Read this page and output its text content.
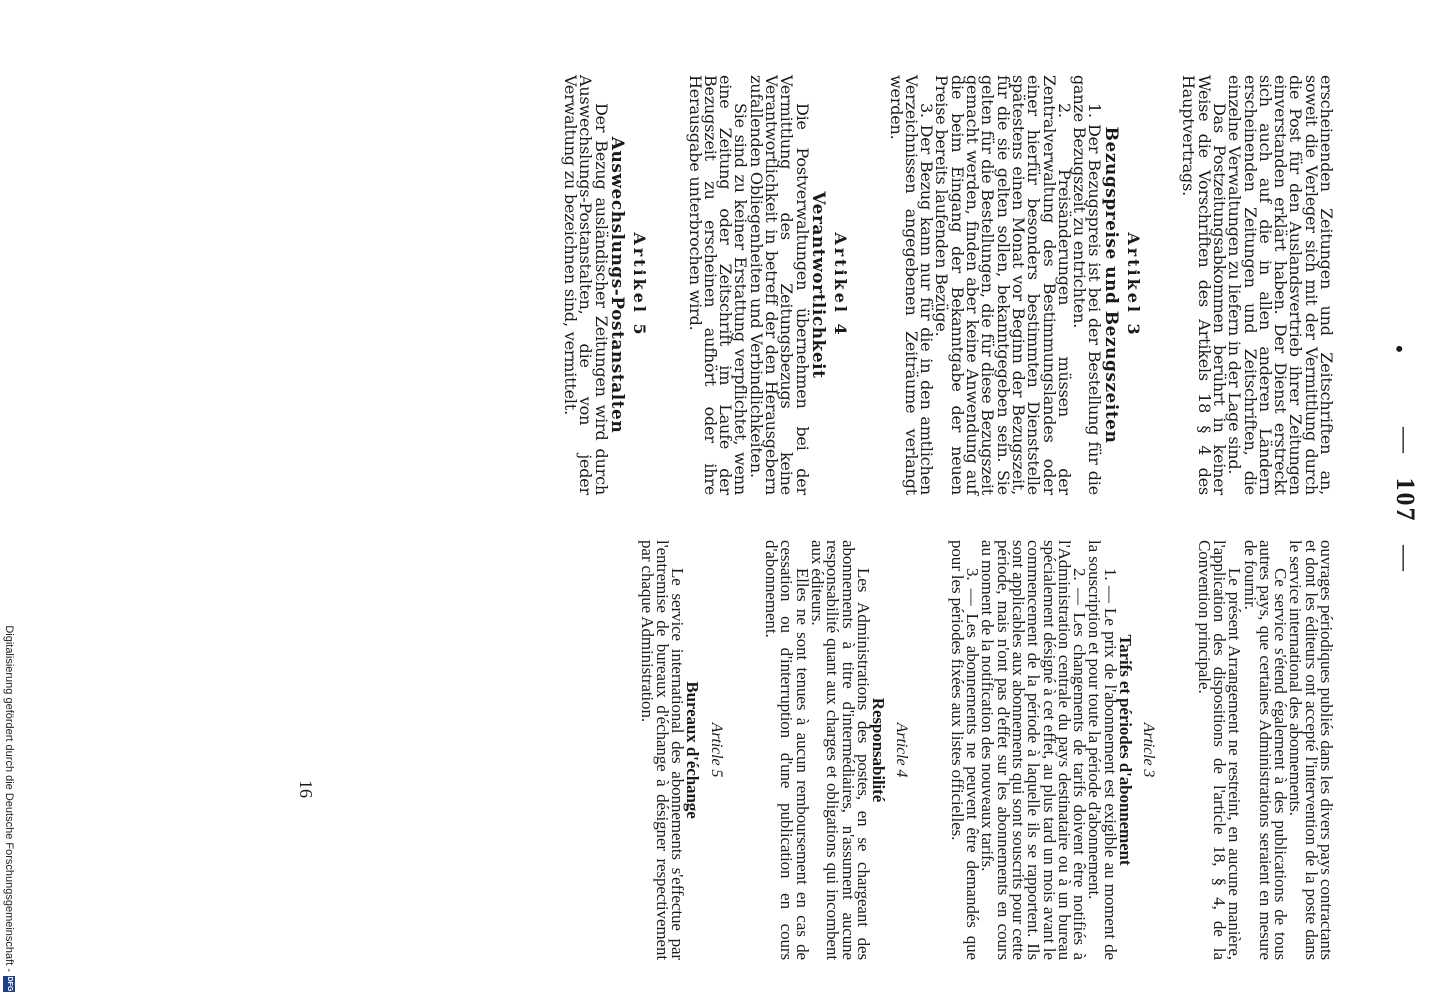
— 107 —
•

erscheinenden Zeitungen und Zeitschriften an, soweit die Verleger sich mit der Vermittlung durch die Post für den Auslandsvertrieb ihrer Zeitungen einverstanden erklärt haben. Der Dienst erstreckt sich auch auf die in allen anderen Ländern erscheinenden Zeitungen und Zeitschriften, die einzelne Verwaltungen zu liefern in der Lage sind.

Das Postzeitungsabkommen berührt in keiner Weise die Vorschriften des Artikels 18 § 4 des Hauptvertrags.

Artikel 3

Bezugspreise und Bezugszeiten

1. Der Bezugspreis ist bei der Bestellung für die ganze Bezugszeit zu entrichten.

2. Preisänderungen müssen der Zentralverwaltung des Bestimmungslandes oder einer hierfür besonders bestimmten Dienststelle spätestens einen Monat vor Beginn der Bezugszeit, für die sie gelten sollen, bekanntgegeben sein. Sie gelten für die Bestellungen, die für diese Bezugszeit gemacht werden, finden aber keine Anwendung auf die beim Eingang der Bekanntgabe der neuen Preise bereits laufenden Bezüge.

3. Der Bezug kann nur für die in den amtlichen Verzeichnissen angegebenen Zeiträume verlangt werden.

Artikel 4

Verantwortlichkeit

Die Postverwaltungen übernehmen bei der Vermittlung des Zeitungsbezugs keine Verantwortlichkeit in betreff der den Herausgebern zufallenden Obliegenheiten und Verbindlichkeiten.

Sie sind zu keiner Erstattung verpflichtet, wenn eine Zeitung oder Zeitschrift im Laufe der Bezugszeit zu erscheinen aufhört oder ihre Herausgabe unterbrochen wird.

Artikel 5

Auswechslungs-Postanstalten

Der Bezug ausländischer Zeitungen wird durch Auswechslungs-Postanstalten, die von jeder Verwaltung zu bezeichnen sind, vermittelt.

ouvrages périodiques publiés dans les divers pays contractants et dont les éditeurs ont accepté l'intervention de la poste dans le service international des abonnements.

Ce service s'étend également à des publications de tous autres pays, que certaines Administrations seraient en mesure de fournir.

Le présent Arrangement ne restreint, en aucune manière, l'application des dispositions de l'article 18, § 4, de la Convention principale.

Article 3

Tarifs et périodes d'abonnement

1. — Le prix de l'abonnement est exigible au moment de la souscription et pour toute la période d'abonnement.

2. — Les changements de tarifs doivent être notifiés à l'Administration centrale du pays destinataire ou à un bureau spécialement désigné à cet effet, au plus tard un mois avant le commencement de la période à laquelle ils se rapportent. Ils sont applicables aux abonnements qui sont souscrits pour cette période, mais n'ont pas d'effet sur les abonnements en cours au moment de la notification des nouveaux tarifs.

3. — Les abonnements ne peuvent être demandés que pour les périodes fixées aux listes officielles.

Article 4

Responsabilité

Les Administrations des postes, en se chargeant des abonnements à titre d'intermédiaires, n'assument aucune responsabilité quant aux charges et obligations qui incombent aux éditeurs.

Elles ne sont tenues à aucun remboursement en cas de cessation ou d'interruption d'une publication en cours d'abonnement.

Article 5

Bureaux d'échange

Le service international des abonnements s'effectue par l'entremise de bureaux d'échange à désigner respectivement par chaque Administration.

16
Digitalisierung gefördert durch die Deutsche Forschungsgemeinschaft -
DFG
